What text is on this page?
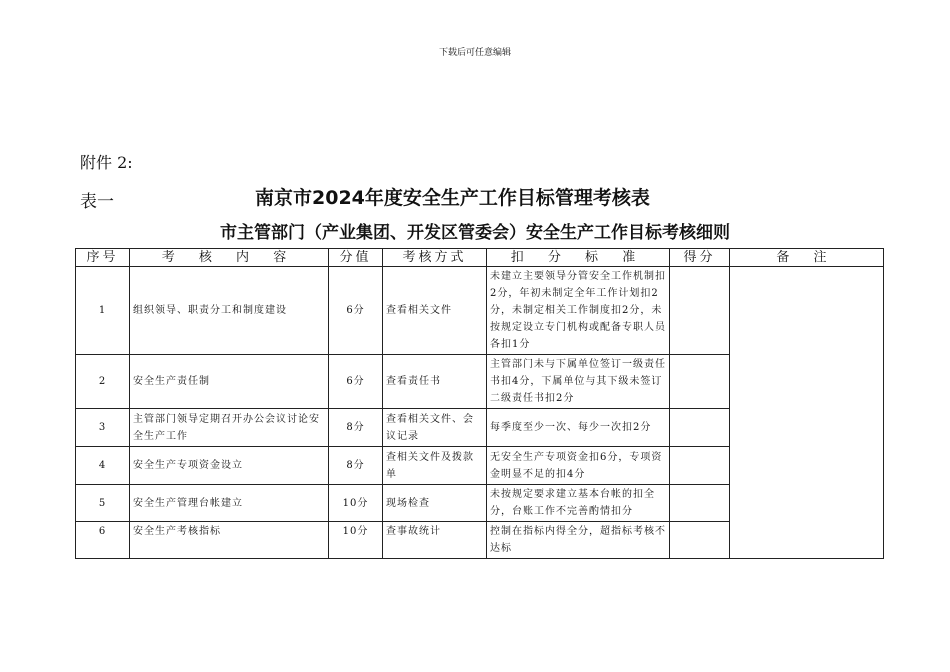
下载后可任意编辑
附件 2:
表一	南京市2024年度安全生产工作目标管理考核表
市主管部门（产业集团、开发区管委会）安全生产工作目标考核细则
序号	考 核 内 容	分值	考核方式	扣 分 标 准	得分	备 注
1	组织领导、职责分工和制度建设	6分	查看相关文件	未建立主要领导分管安全工作机制扣2分，年初未制定全年工作计划扣2分，未制定相关工作制度扣2分，未按规定设立专门机构或配备专职人员各扣1分		
2	安全生产责任制	6分	查看责任书	主管部门未与下属单位签订一级责任书扣4分，下属单位与其下级未签订二级责任书扣2分		
3	主管部门领导定期召开办公会议讨论安全生产工作	8分	查看相关文件、会议记录	每季度至少一次、每少一次扣2分		
4	安全生产专项资金设立	8分	查相关文件及拨款单	无安全生产专项资金扣6分，专项资金明显不足的扣4分		
5	安全生产管理台帐建立	10分	现场检查	未按规定要求建立基本台帐的扣全分，台账工作不完善酌情扣分		
6	安全生产考核指标	10分	查事故统计	控制在指标内得全分，超指标考核不达标		
